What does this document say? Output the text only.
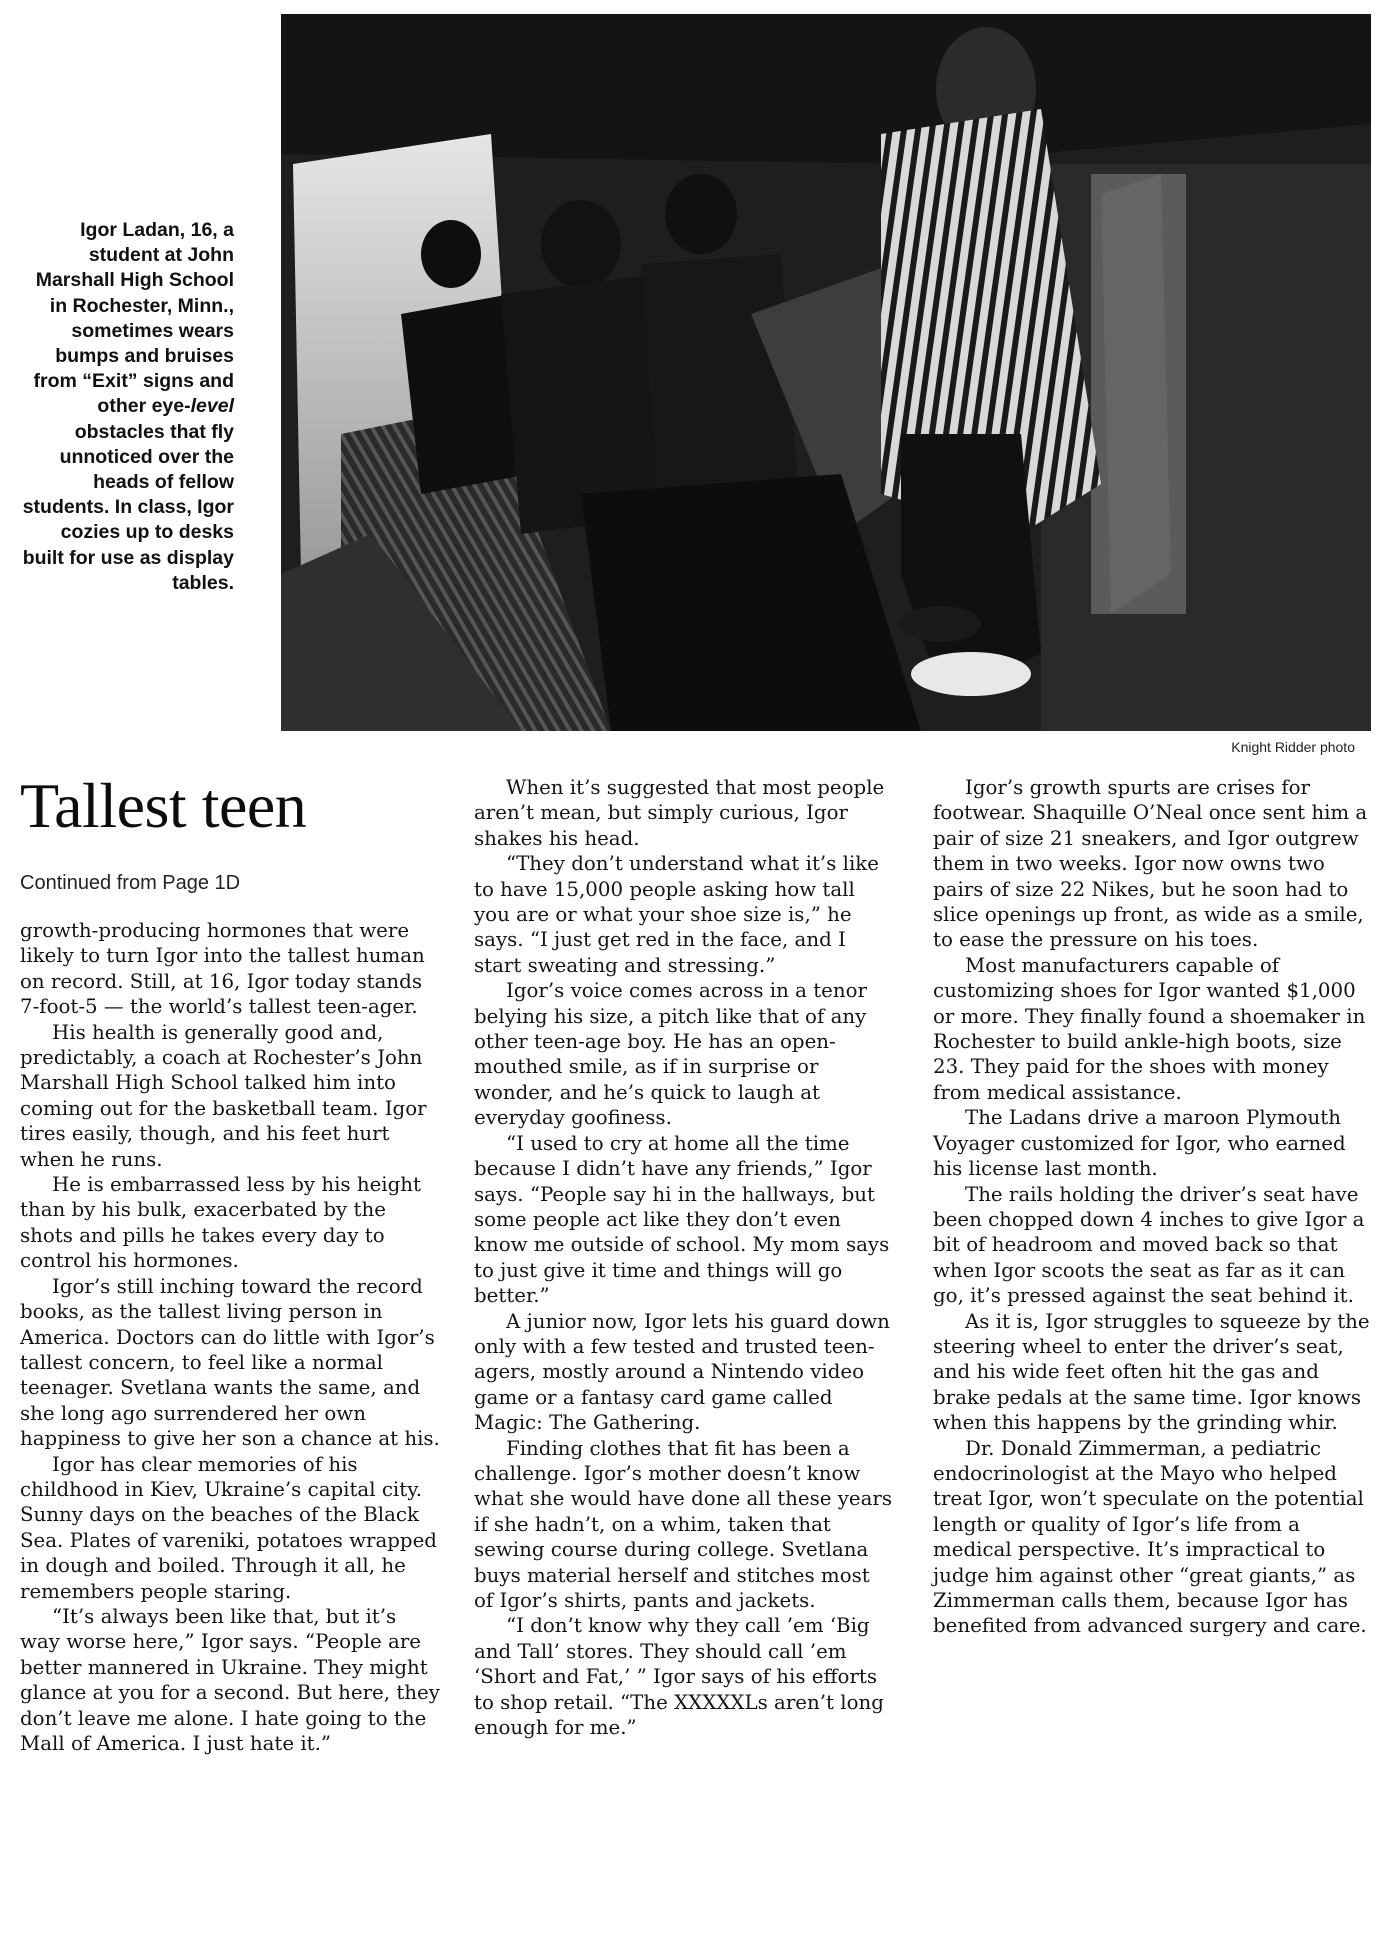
Igor Ladan, 16, a student at John Marshall High School in Rochester, Minn., sometimes wears bumps and bruises from “Exit” signs and other eye-level obstacles that fly unnoticed over the heads of fellow students. In class, Igor cozies up to desks built for use as display tables.
Knight Ridder photo
Tallest teen
Continued from Page 1D

growth-producing hormones that were likely to turn Igor into the tallest human on record. Still, at 16, Igor today stands 7-foot-5 — the world’s tallest teen-ager.

His health is generally good and, predictably, a coach at Rochester’s John Marshall High School talked him into coming out for the basketball team. Igor tires easily, though, and his feet hurt when he runs.

He is embarrassed less by his height than by his bulk, exacerbated by the shots and pills he takes every day to control his hormones.

Igor’s still inching toward the record books, as the tallest living person in America. Doctors can do little with Igor’s tallest concern, to feel like a normal teenager. Svetlana wants the same, and she long ago surrendered her own happiness to give her son a chance at his.

Igor has clear memories of his childhood in Kiev, Ukraine’s capital city. Sunny days on the beaches of the Black Sea. Plates of vareniki, potatoes wrapped in dough and boiled. Through it all, he remembers people staring.

“It’s always been like that, but it’s way worse here,” Igor says. “People are better mannered in Ukraine. They might glance at you for a second. But here, they don’t leave me alone. I hate going to the Mall of America. I just hate it.”

When it’s suggested that most people aren’t mean, but simply curious, Igor shakes his head.

“They don’t understand what it’s like to have 15,000 people asking how tall you are or what your shoe size is,” he says. “I just get red in the face, and I start sweating and stressing.”

Igor’s voice comes across in a tenor belying his size, a pitch like that of any other teen-age boy. He has an open-mouthed smile, as if in surprise or wonder, and he’s quick to laugh at everyday goofiness.

“I used to cry at home all the time because I didn’t have any friends,” Igor says. “People say hi in the hallways, but some people act like they don’t even know me outside of school. My mom says to just give it time and things will go better.”

A junior now, Igor lets his guard down only with a few tested and trusted teen-agers, mostly around a Nintendo video game or a fantasy card game called Magic: The Gathering.

Finding clothes that fit has been a challenge. Igor’s mother doesn’t know what she would have done all these years if she hadn’t, on a whim, taken that sewing course during college. Svetlana buys material herself and stitches most of Igor’s shirts, pants and jackets.

“I don’t know why they call ’em ‘Big and Tall’ stores. They should call ’em ‘Short and Fat,’ ” Igor says of his efforts to shop retail. “The XXXXXLs aren’t long enough for me.”

Igor’s growth spurts are crises for footwear. Shaquille O’Neal once sent him a pair of size 21 sneakers, and Igor outgrew them in two weeks. Igor now owns two pairs of size 22 Nikes, but he soon had to slice openings up front, as wide as a smile, to ease the pressure on his toes.

Most manufacturers capable of customizing shoes for Igor wanted $1,000 or more. They finally found a shoemaker in Rochester to build ankle-high boots, size 23. They paid for the shoes with money from medical assistance.

The Ladans drive a maroon Plymouth Voyager customized for Igor, who earned his license last month.

The rails holding the driver’s seat have been chopped down 4 inches to give Igor a bit of headroom and moved back so that when Igor scoots the seat as far as it can go, it’s pressed against the seat behind it.

As it is, Igor struggles to squeeze by the steering wheel to enter the driver’s seat, and his wide feet often hit the gas and brake pedals at the same time. Igor knows when this happens by the grinding whir.

Dr. Donald Zimmerman, a pediatric endocrinologist at the Mayo who helped treat Igor, won’t speculate on the potential length or quality of Igor’s life from a medical perspective. It’s impractical to judge him against other “great giants,” as Zimmerman calls them, because Igor has benefited from advanced surgery and care.
